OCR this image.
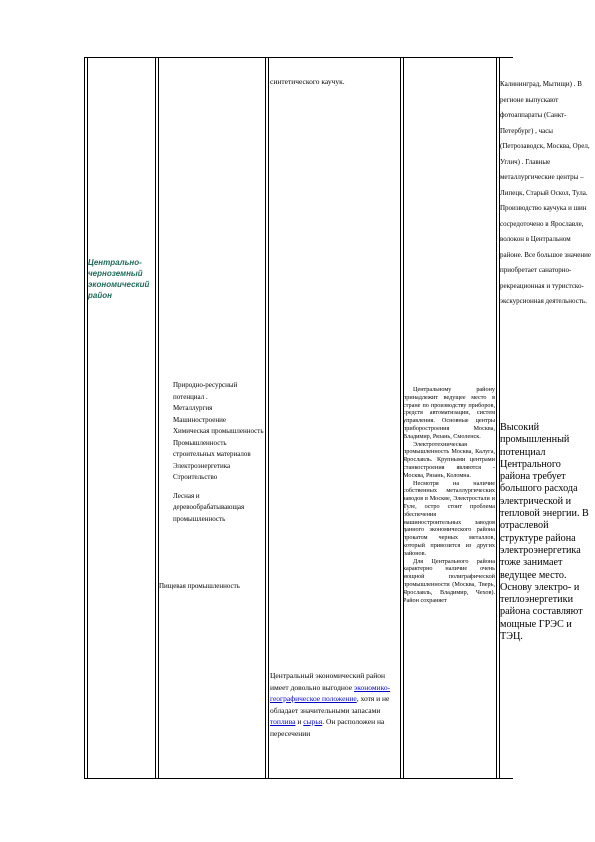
Центрально-черноземный экономический район
Природно-ресурсный потенциал .
Металлургия
Машиностроение
Химическая промышленность
Промышленность строительных материалов
Электроэнергетика
Строительство
Лесная и деревообрабатывающая промышленность
Пищевая промышленность
синтетического каучук.
Центральный экономический район имеет довольно выгодное экономико-географическое положение, хотя и не обладает значительными запасами топлива и сырья. Он расположен на пересечении

Центральному району принадлежит ведущее место в стране по производству приборов, средств автоматизации, систем управления. Основные центры приборостроения Москва, Владимир, Рязань, Смоленск.

Электротехническая промышленность Москва, Калуга, Ярославль. Крупными центрами станкостроения являются - Москва, Рязань, Коломна.

Несмотря на наличие собственных металлургических заводов в Москве, Электростали и Туле, остро стоит проблема обеспечения машиностроительных заводов данного экономического района прокатом черных металлов, который привозится из других районов.

Для Центрального района характерно наличие очень мощной полиграфической промышленности (Москва, Тверь, Ярославль, Владимир, Чехов). Район сохраняет

Калининград, Мытищи) . В регионе выпускают фотоаппараты (Санкт-Петербург) , часы (Петрозаводск, Москва, Орел, Углич) . Главные металлургические центры – Липецк, Старый Оскол, Тула. Производство каучука и шин сосредоточено в Ярославле, волокон в Центральном районе. Все большое значение приобретает санаторно-рекреационная и туристско-экскурсионная деятельность.
Высокий промышленный потенциал Центрального района требует большого расхода электрической и тепловой энергии. В отраслевой структуре района электроэнергетика тоже занимает ведущее место. Основу электро- и теплоэнергетики района составляют мощные ГРЭС и ТЭЦ.
